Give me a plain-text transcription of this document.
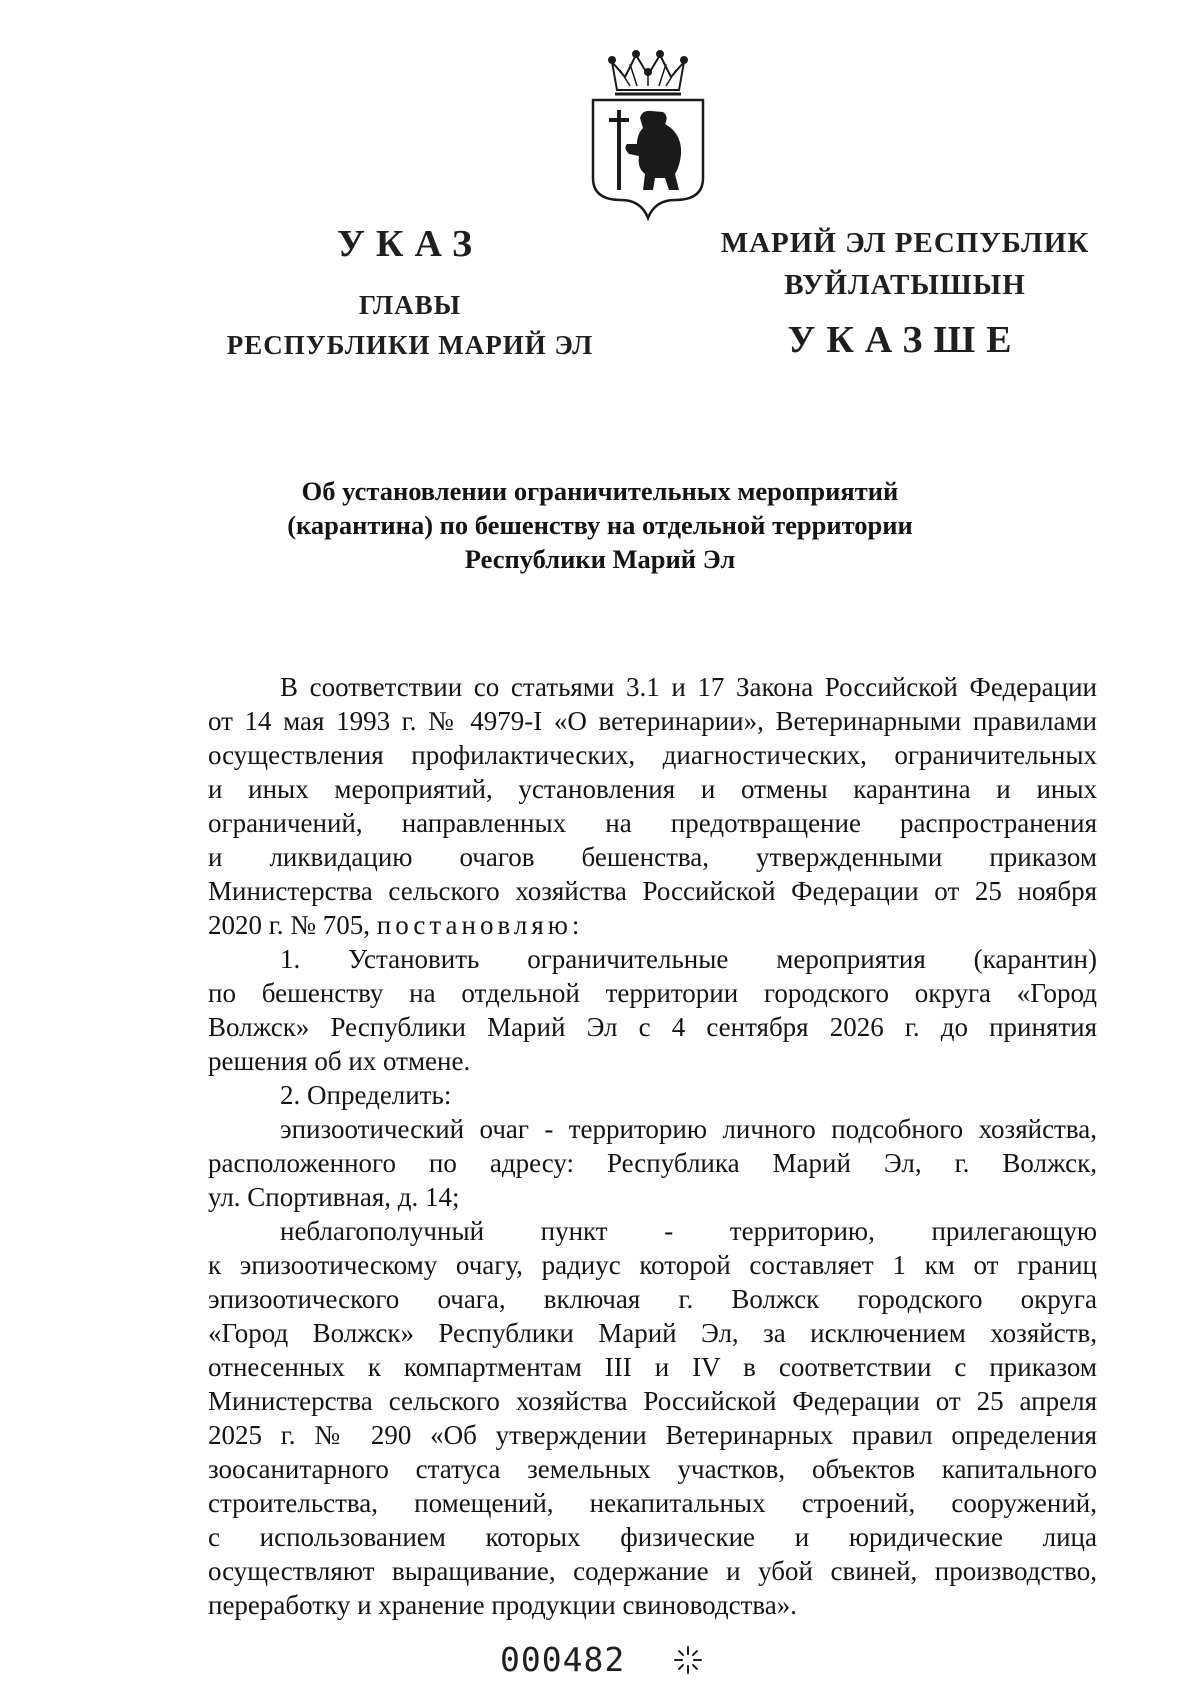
УКАЗ
ГЛАВЫ
РЕСПУБЛИКИ МАРИЙ ЭЛ
МАРИЙ ЭЛ РЕСПУБЛИК
ВУЙЛАТЫШЫН
УКАЗШЕ
Об установлении ограничительных мероприятий
(карантина) по бешенству на отдельной территории
Республики Марий Эл
В соответствии со статьями 3.1 и 17 Закона Российской Федерации
от 14 мая 1993 г. № 4979-I «О ветеринарии», Ветеринарными правилами
осуществления профилактических, диагностических, ограничительных
и иных мероприятий, установления и отмены карантина и иных
ограничений, направленных на предотвращение распространения
и ликвидацию очагов бешенства, утвержденными приказом
Министерства сельского хозяйства Российской Федерации от 25 ноября
2020 г. № 705, постановляю:
1. Установить ограничительные мероприятия (карантин)
по бешенству на отдельной территории городского округа «Город
Волжск» Республики Марий Эл с 4 сентября 2026 г. до принятия
решения об их отмене.
2. Определить:
эпизоотический очаг - территорию личного подсобного хозяйства,
расположенного по адресу: Республика Марий Эл, г. Волжск,
ул. Спортивная, д. 14;
неблагополучный пункт - территорию, прилегающую
к эпизоотическому очагу, радиус которой составляет 1 км от границ
эпизоотического очага, включая г. Волжск городского округа
«Город Волжск» Республики Марий Эл, за исключением хозяйств,
отнесенных к компартментам III и IV в соответствии с приказом
Министерства сельского хозяйства Российской Федерации от 25 апреля
2025 г. № 290 «Об утверждении Ветеринарных правил определения
зоосанитарного статуса земельных участков, объектов капитального
строительства, помещений, некапитальных строений, сооружений,
с использованием которых физические и юридические лица
осуществляют выращивание, содержание и убой свиней, производство,
переработку и хранение продукции свиноводства».
000482
